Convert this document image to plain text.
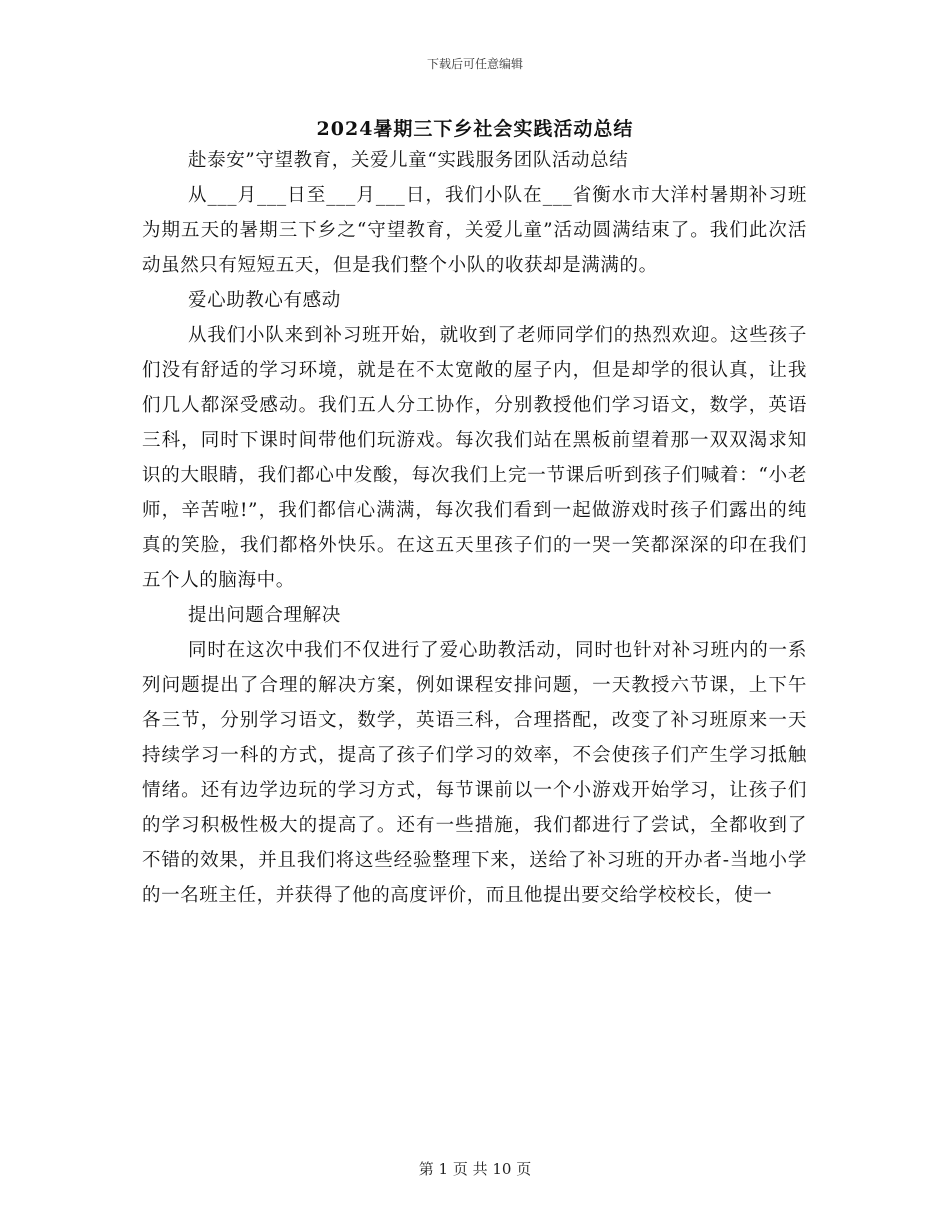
下载后可任意编辑
2024暑期三下乡社会实践活动总结

赴泰安”守望教育，关爱儿童“实践服务团队活动总结

从___月___日至___月___日，我们小队在___省衡水市大洋村暑期补习班为期五天的暑期三下乡之“守望教育，关爱儿童”活动圆满结束了。我们此次活动虽然只有短短五天，但是我们整个小队的收获却是满满的。

爱心助教心有感动

从我们小队来到补习班开始，就收到了老师同学们的热烈欢迎。这些孩子们没有舒适的学习环境，就是在不太宽敞的屋子内，但是却学的很认真，让我们几人都深受感动。我们五人分工协作，分别教授他们学习语文，数学，英语三科，同时下课时间带他们玩游戏。每次我们站在黑板前望着那一双双渴求知识的大眼睛，我们都心中发酸，每次我们上完一节课后听到孩子们喊着：“小老师，辛苦啦!”，我们都信心满满，每次我们看到一起做游戏时孩子们露出的纯真的笑脸，我们都格外快乐。在这五天里孩子们的一哭一笑都深深的印在我们五个人的脑海中。

提出问题合理解决

同时在这次中我们不仅进行了爱心助教活动，同时也针对补习班内的一系列问题提出了合理的解决方案，例如课程安排问题，一天教授六节课，上下午各三节，分别学习语文，数学，英语三科，合理搭配，改变了补习班原来一天持续学习一科的方式，提高了孩子们学习的效率，不会使孩子们产生学习抵触情绪。还有边学边玩的学习方式，每节课前以一个小游戏开始学习，让孩子们的学习积极性极大的提高了。还有一些措施，我们都进行了尝试，全都收到了不错的效果，并且我们将这些经验整理下来，送给了补习班的开办者-当地小学的一名班主任，并获得了他的高度评价，而且他提出要交给学校校长，使一

第 1 页 共 10 页
